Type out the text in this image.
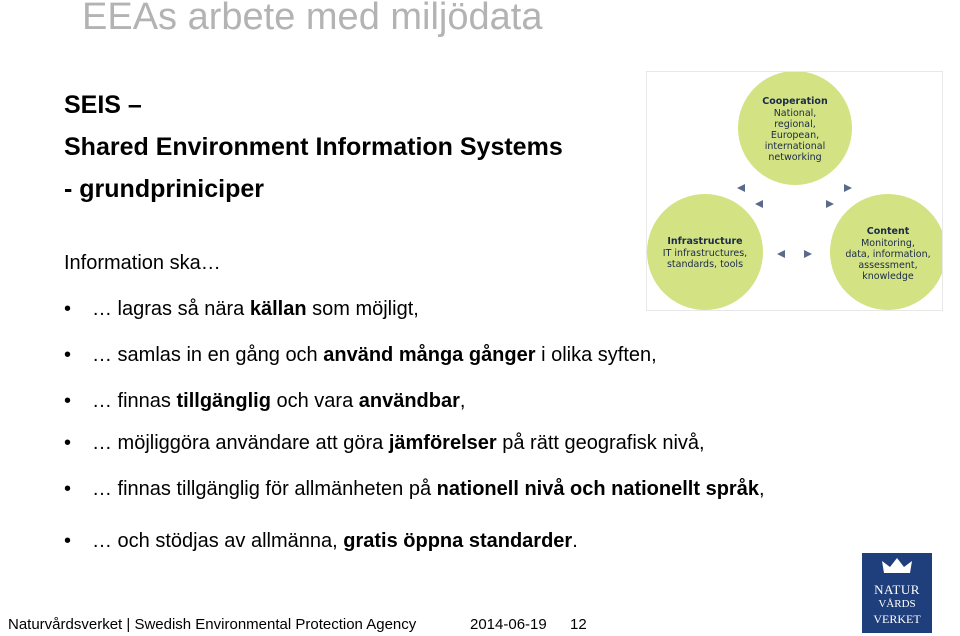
EEAs arbete med miljödata
SEIS –
Shared Environment Information Systems
- grundpriniciper
Information ska…
• … lagras så nära källan som möjligt,
• … samlas in en gång och använd många gånger i olika syften,
• … finnas tillgänglig och vara användbar,
• … möjliggöra användare att göra jämförelser på rätt geografisk nivå,
• … finnas tillgänglig för allmänheten på nationell nivå och nationellt språk,
• … och stödjas av allmänna, gratis öppna standarder.
Cooperation
National,
regional,
European,
international
networking
Infrastructure
IT infrastructures,
standards, tools
Content
Monitoring,
data, information,
assessment,
knowledge
Naturvårdsverket | Swedish Environmental Protection Agency	2014-06-19 12
NATUR
VÅRDS
VERKET
